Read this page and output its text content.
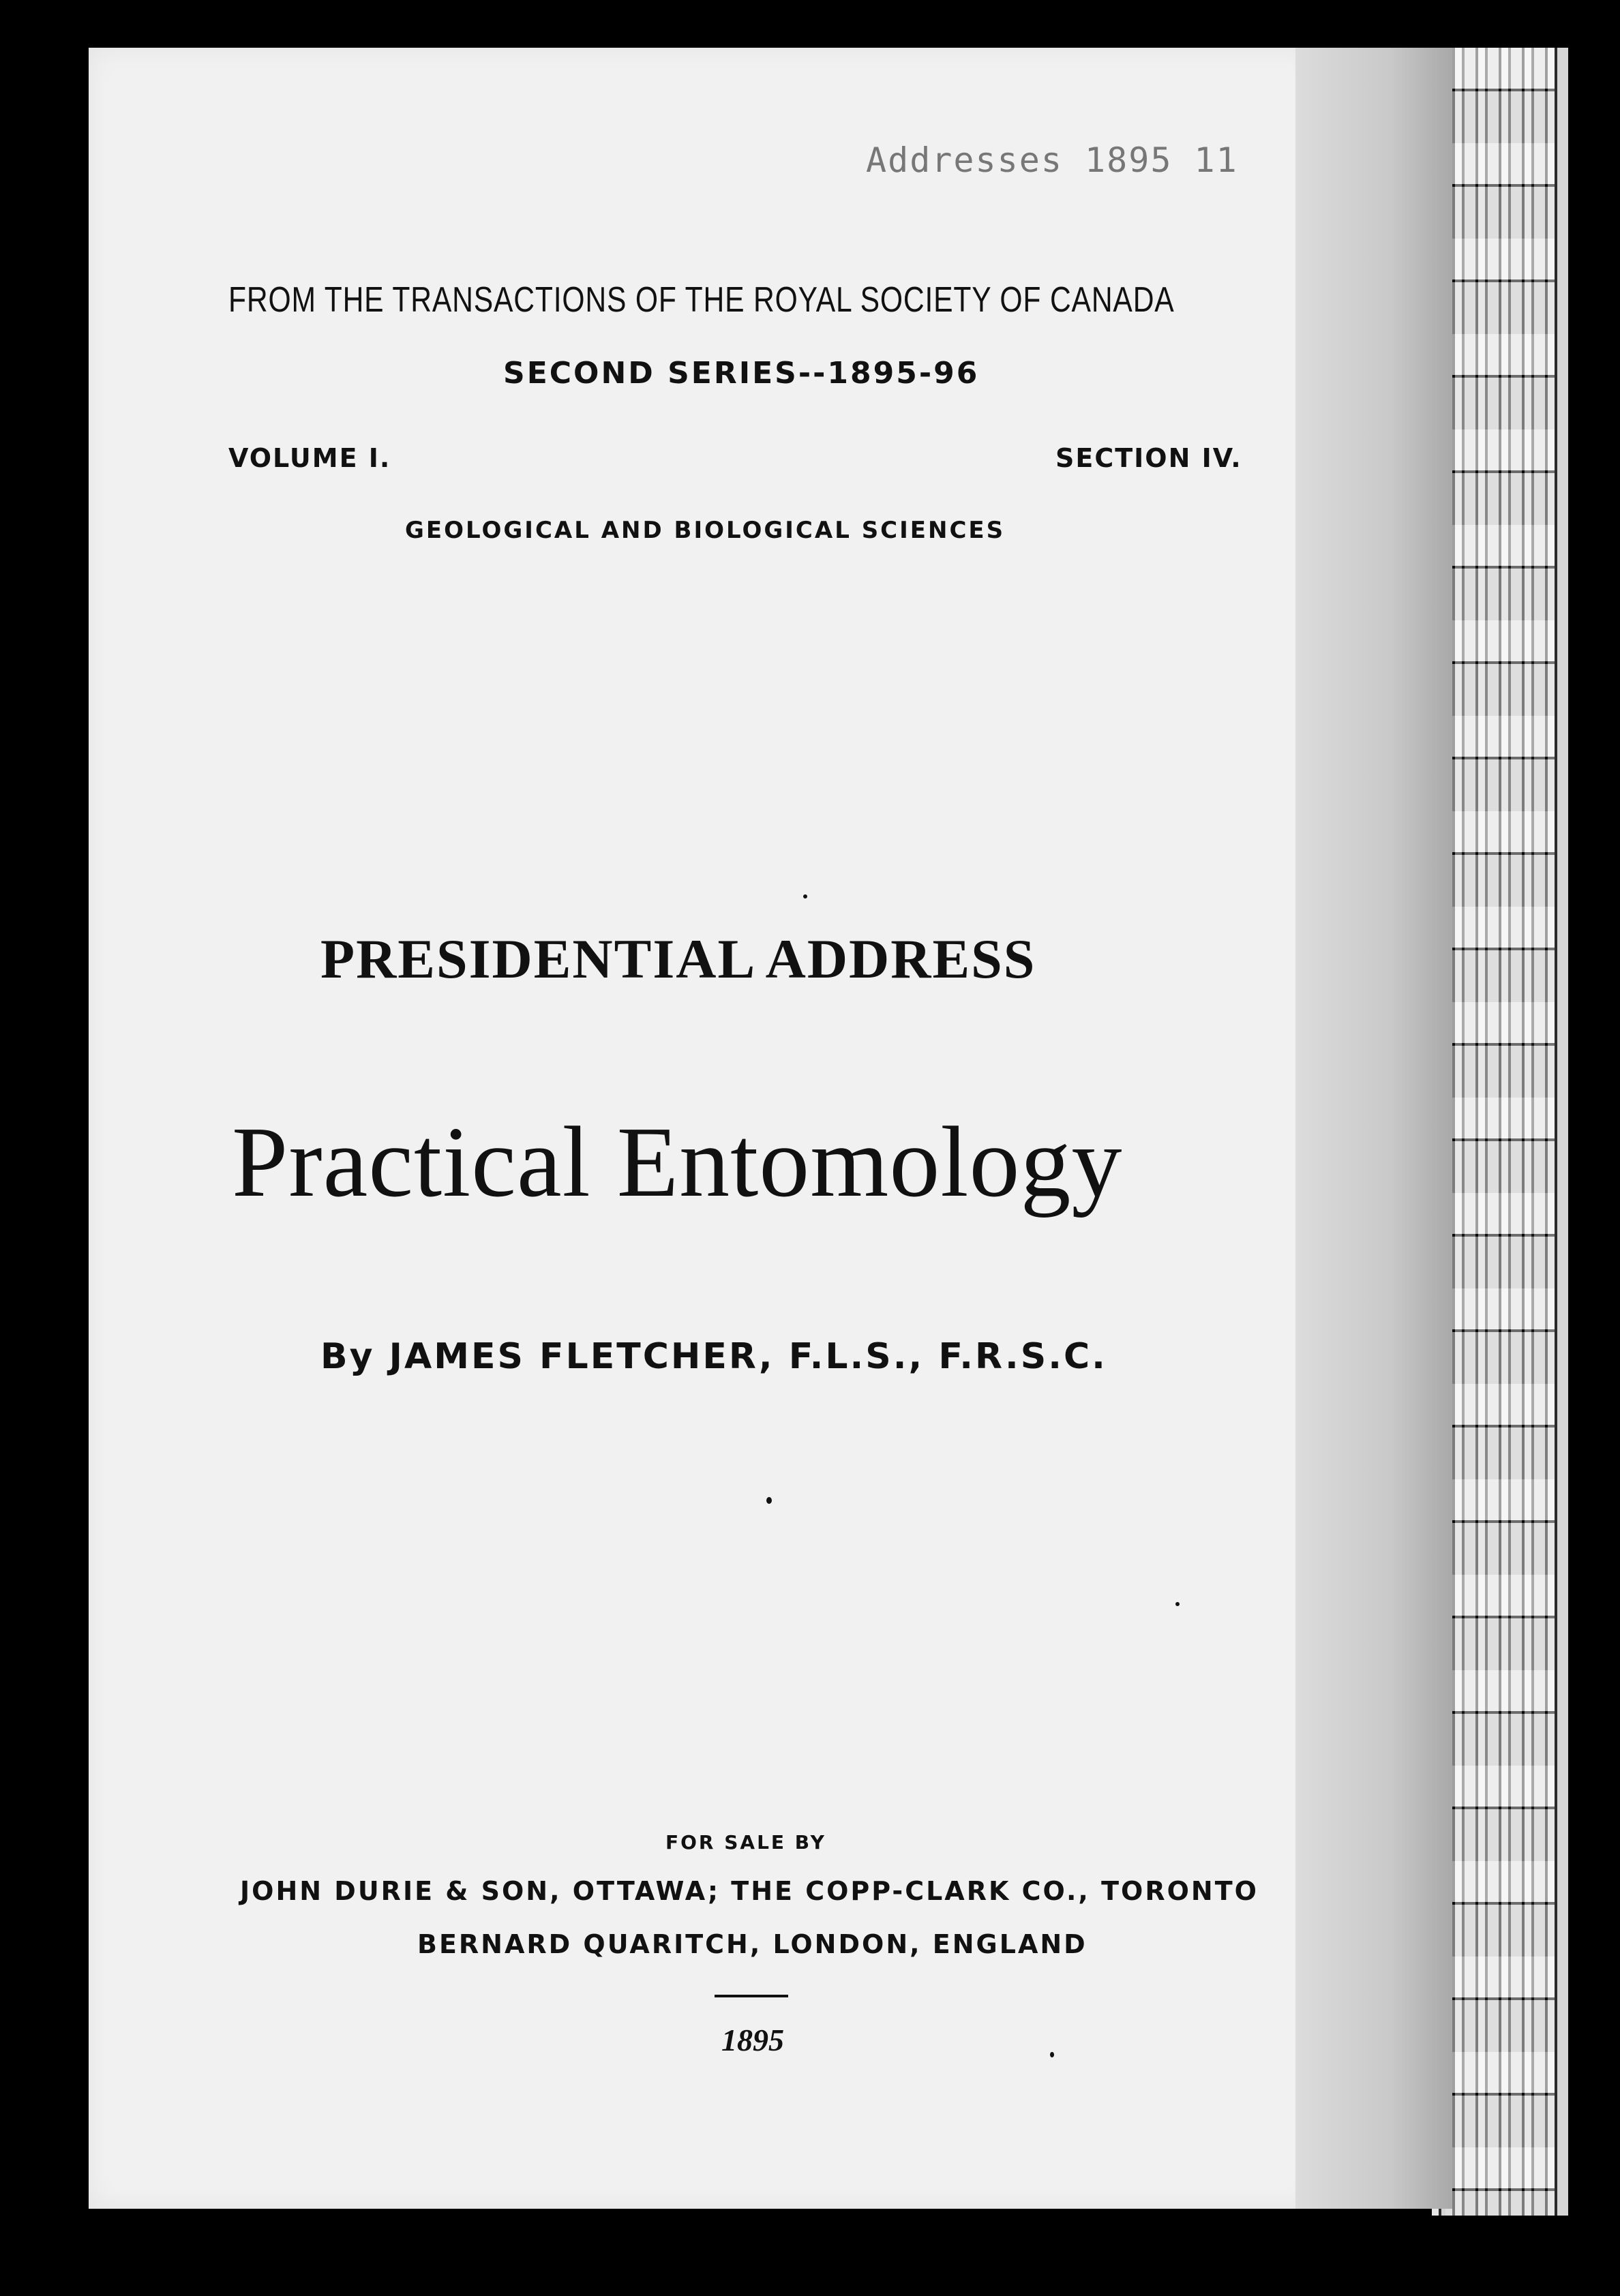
Addresses 1895 11
FROM THE TRANSACTIONS OF THE ROYAL SOCIETY OF CANADA
SECOND SERIES--1895-96
VOLUME I.	SECTION IV.
GEOLOGICAL AND BIOLOGICAL SCIENCES
PRESIDENTIAL ADDRESS
Practical Entomology
By JAMES FLETCHER, F.L.S., F.R.S.C.
FOR SALE BY
JOHN DURIE & SON, OTTAWA; THE COPP-CLARK CO., TORONTO
BERNARD QUARITCH, LONDON, ENGLAND
1895
